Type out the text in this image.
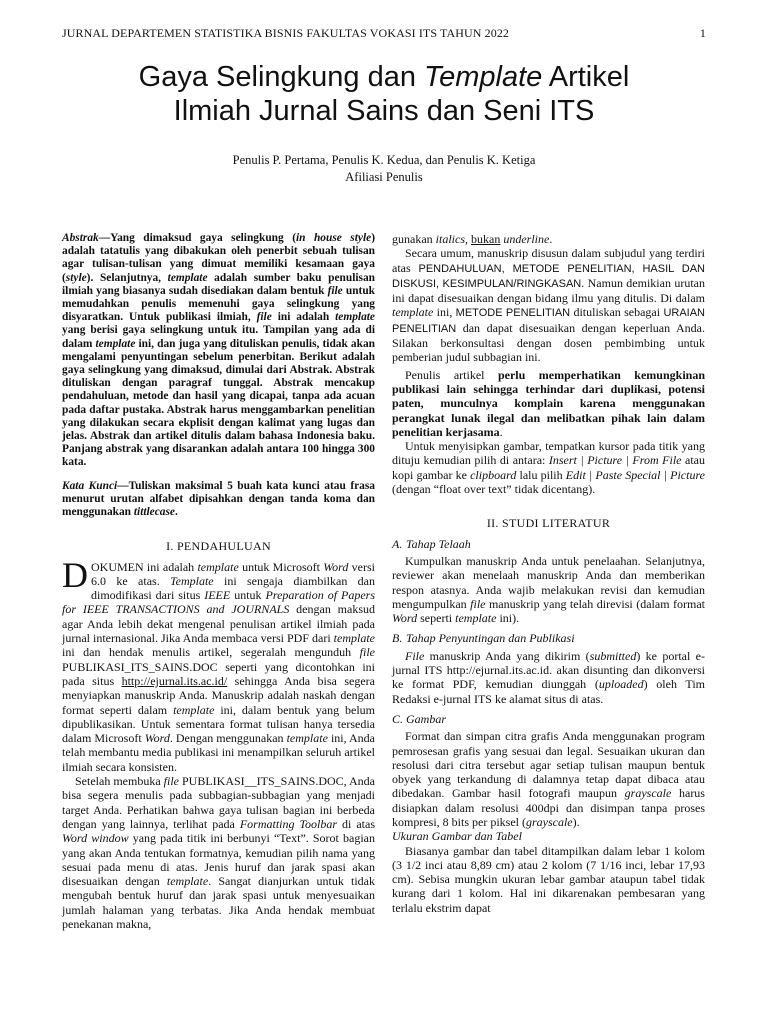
JURNAL DEPARTEMEN STATISTIKA BISNIS FAKULTAS VOKASI ITS TAHUN 2022	1
Gaya Selingkung dan Template Artikel
Ilmiah Jurnal Sains dan Seni ITS
Penulis P. Pertama, Penulis K. Kedua, dan Penulis K. Ketiga
Afiliasi Penulis

Abstrak—Yang dimaksud gaya selingkung (in house style) adalah tatatulis yang dibakukan oleh penerbit sebuah tulisan agar tulisan-tulisan yang dimuat memiliki kesamaan gaya (style). Selanjutnya, template adalah sumber baku penulisan ilmiah yang biasanya sudah disediakan dalam bentuk file untuk memudahkan penulis memenuhi gaya selingkung yang disyaratkan. Untuk publikasi ilmiah, file ini adalah template yang berisi gaya selingkung untuk itu. Tampilan yang ada di dalam template ini, dan juga yang dituliskan penulis, tidak akan mengalami penyuntingan sebelum penerbitan. Berikut adalah gaya selingkung yang dimaksud, dimulai dari Abstrak. Abstrak dituliskan dengan paragraf tunggal. Abstrak mencakup pendahuluan, metode dan hasil yang dicapai, tanpa ada acuan pada daftar pustaka. Abstrak harus menggambarkan penelitian yang dilakukan secara ekplisit dengan kalimat yang lugas dan jelas. Abstrak dan artikel ditulis dalam bahasa Indonesia baku. Panjang abstrak yang disarankan adalah antara 100 hingga 300 kata.

Kata Kunci—Tuliskan maksimal 5 buah kata kunci atau frasa menurut urutan alfabet dipisahkan dengan tanda koma dan menggunakan tittlecase.

I. PENDAHULUAN

DOKUMEN ini adalah template untuk Microsoft Word versi 6.0 ke atas. Template ini sengaja diambilkan dan dimodifikasi dari situs IEEE untuk Preparation of Papers for IEEE TRANSACTIONS and JOURNALS dengan maksud agar Anda lebih dekat mengenal penulisan artikel ilmiah pada jurnal internasional. Jika Anda membaca versi PDF dari template ini dan hendak menulis artikel, segeralah mengunduh file PUBLIKASI_ITS_SAINS.DOC seperti yang dicontohkan ini pada situs http://ejurnal.its.ac.id/ sehingga Anda bisa segera menyiapkan manuskrip Anda. Manuskrip adalah naskah dengan format seperti dalam template ini, dalam bentuk yang belum dipublikasikan. Untuk sementara format tulisan hanya tersedia dalam Microsoft Word. Dengan menggunakan template ini, Anda telah membantu media publikasi ini menampilkan seluruh artikel ilmiah secara konsisten.

Setelah membuka file PUBLIKASI__ITS_SAINS.DOC, Anda bisa segera menulis pada subbagian-subbagian yang menjadi target Anda. Perhatikan bahwa gaya tulisan bagian ini berbeda dengan yang lainnya, terlihat pada Formatting Toolbar di atas Word window yang pada titik ini berbunyi “Text”. Sorot bagian yang akan Anda tentukan formatnya, kemudian pilih nama yang sesuai pada menu di atas. Jenis huruf dan jarak spasi akan disesuaikan dengan template. Sangat dianjurkan untuk tidak mengubah bentuk huruf dan jarak spasi untuk menyesuaikan jumlah halaman yang terbatas. Jika Anda hendak membuat penekanan makna,

gunakan italics, bukan underline.

Secara umum, manuskrip disusun dalam subjudul yang terdiri atas PENDAHULUAN, METODE PENELITIAN, HASIL DAN DISKUSI, KESIMPULAN/RINGKASAN. Namun demikian urutan ini dapat disesuaikan dengan bidang ilmu yang ditulis. Di dalam template ini, METODE PENELITIAN dituliskan sebagai URAIAN PENELITIAN dan dapat disesuaikan dengan keperluan Anda. Silakan berkonsultasi dengan dosen pembimbing untuk pemberian judul subbagian ini.

Penulis artikel perlu memperhatikan kemungkinan publikasi lain sehingga terhindar dari duplikasi, potensi paten, munculnya komplain karena menggunakan perangkat lunak ilegal dan melibatkan pihak lain dalam penelitian kerjasama.

Untuk menyisipkan gambar, tempatkan kursor pada titik yang dituju kemudian pilih di antara: Insert | Picture | From File atau kopi gambar ke clipboard lalu pilih Edit | Paste Special | Picture (dengan “float over text” tidak dicentang).

II. STUDI LITERATUR
A. Tahap Telaah

Kumpulkan manuskrip Anda untuk penelaahan. Selanjutnya, reviewer akan menelaah manuskrip Anda dan memberikan respon atasnya. Anda wajib melakukan revisi dan kemudian mengumpulkan file manuskrip yang telah direvisi (dalam format Word seperti template ini).

B. Tahap Penyuntingan dan Publikasi

File manuskrip Anda yang dikirim (submitted) ke portal e-jurnal ITS http://ejurnal.its.ac.id. akan disunting dan dikonversi ke format PDF, kemudian diunggah (uploaded) oleh Tim Redaksi e-jurnal ITS ke alamat situs di atas.

C. Gambar

Format dan simpan citra grafis Anda menggunakan program pemrosesan grafis yang sesuai dan legal. Sesuaikan ukuran dan resolusi dari citra tersebut agar setiap tulisan maupun bentuk obyek yang terkandung di dalamnya tetap dapat dibaca atau dibedakan. Gambar hasil fotografi maupun grayscale harus disiapkan dalam resolusi 400dpi dan disimpan tanpa proses kompresi, 8 bits per piksel (grayscale).

Ukuran Gambar dan Tabel

Biasanya gambar dan tabel ditampilkan dalam lebar 1 kolom (3 1/2 inci atau 8,89 cm) atau 2 kolom (7 1/16 inci, lebar 17,93 cm). Sebisa mungkin ukuran lebar gambar ataupun tabel tidak kurang dari 1 kolom. Hal ini dikarenakan pembesaran yang terlalu ekstrim dapat
